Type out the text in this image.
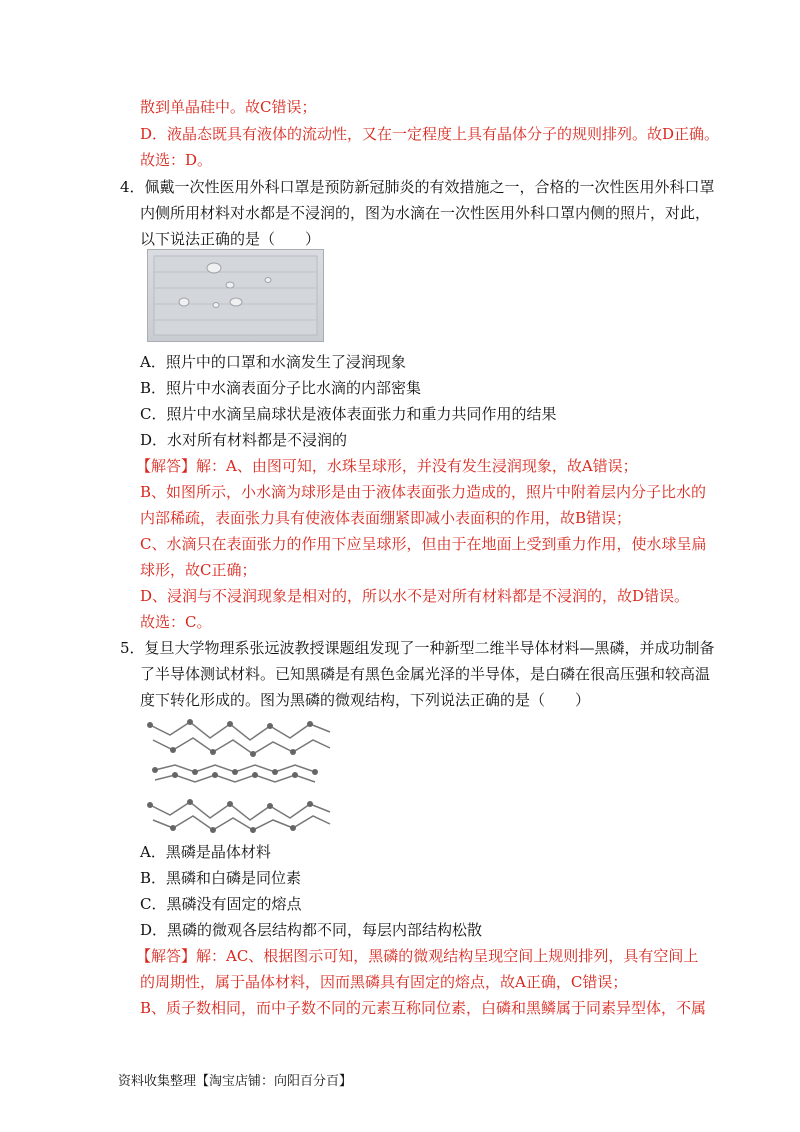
散到单晶硅中。故C错误；
D．液晶态既具有液体的流动性，又在一定程度上具有晶体分子的规则排列。故D正确。
故选：D。
4．佩戴一次性医用外科口罩是预防新冠肺炎的有效措施之一，合格的一次性医用外科口罩
内侧所用材料对水都是不浸润的，图为水滴在一次性医用外科口罩内侧的照片，对此，
以下说法正确的是（　　）
A．照片中的口罩和水滴发生了浸润现象
B．照片中水滴表面分子比水滴的内部密集
C．照片中水滴呈扁球状是液体表面张力和重力共同作用的结果
D．水对所有材料都是不浸润的
【解答】解：A、由图可知，水珠呈球形，并没有发生浸润现象，故A错误；
B、如图所示，小水滴为球形是由于液体表面张力造成的，照片中附着层内分子比水的
内部稀疏，表面张力具有使液体表面绷紧即减小表面积的作用，故B错误；
C、水滴只在表面张力的作用下应呈球形，但由于在地面上受到重力作用，使水球呈扁
球形，故C正确；
D、浸润与不浸润现象是相对的，所以水不是对所有材料都是不浸润的，故D错误。
故选：C。
5．复旦大学物理系张远波教授课题组发现了一种新型二维半导体材料—黑磷，并成功制备
了半导体测试材料。已知黑磷是有黑色金属光泽的半导体，是白磷在很高压强和较高温
度下转化形成的。图为黑磷的微观结构，下列说法正确的是（　　）
A．黑磷是晶体材料
B．黑磷和白磷是同位素
C．黑磷没有固定的熔点
D．黑磷的微观各层结构都不同，每层内部结构松散
【解答】解：AC、根据图示可知，黑磷的微观结构呈现空间上规则排列，具有空间上
的周期性，属于晶体材料，因而黑磷具有固定的熔点，故A正确，C错误；
B、质子数相同，而中子数不同的元素互称同位素，白磷和黑鳞属于同素异型体，不属
资料收集整理【淘宝店铺：向阳百分百】
